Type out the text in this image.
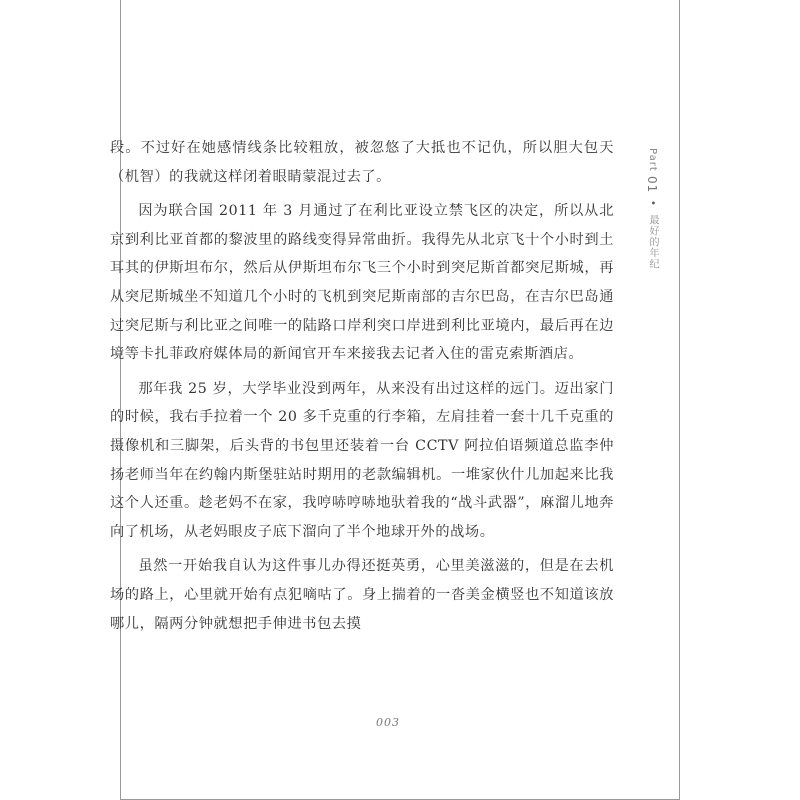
Part 01 • 最好的年纪

段。不过好在她感情线条比较粗放，被忽悠了大抵也不记仇，所以胆大包天（机智）的我就这样闭着眼睛蒙混过去了。

因为联合国 2011 年 3 月通过了在利比亚设立禁飞区的决定，所以从北京到利比亚首都的黎波里的路线变得异常曲折。我得先从北京飞十个小时到土耳其的伊斯坦布尔，然后从伊斯坦布尔飞三个小时到突尼斯首都突尼斯城，再从突尼斯城坐不知道几个小时的飞机到突尼斯南部的吉尔巴岛，在吉尔巴岛通过突尼斯与利比亚之间唯一的陆路口岸利突口岸进到利比亚境内，最后再在边境等卡扎菲政府媒体局的新闻官开车来接我去记者入住的雷克索斯酒店。

那年我 25 岁，大学毕业没到两年，从来没有出过这样的远门。迈出家门的时候，我右手拉着一个 20 多千克重的行李箱，左肩挂着一套十几千克重的摄像机和三脚架，后头背的书包里还装着一台 CCTV 阿拉伯语频道总监李仲扬老师当年在约翰内斯堡驻站时期用的老款编辑机。一堆家伙什儿加起来比我这个人还重。趁老妈不在家，我哼哧哼哧地驮着我的“战斗武器”，麻溜儿地奔向了机场，从老妈眼皮子底下溜向了半个地球开外的战场。

虽然一开始我自认为这件事儿办得还挺英勇，心里美滋滋的，但是在去机场的路上，心里就开始有点犯嘀咕了。身上揣着的一沓美金横竖也不知道该放哪儿，隔两分钟就想把手伸进书包去摸

003
